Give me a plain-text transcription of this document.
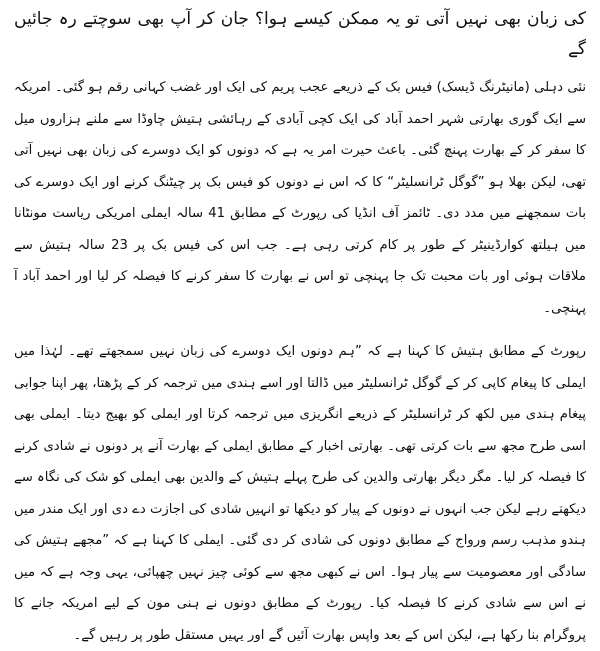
کی زبان بھی نہیں آتی تو یہ ممکن کیسے ہوا؟ جان کر آپ بھی سوچتے رہ جائیں گے

نئی دہلی (مانیٹرنگ ڈیسک) فیس بک کے ذریعے عجب پریم کی ایک اور غضب کہانی رقم ہو گئی۔ امریکہ سے ایک گوری بھارتی شہر احمد آباد کی ایک کچی آبادی کے رہائشی ہتیش چاوڈا سے ملنے ہزاروں میل کا سفر کر کے بھارت پہنچ گئی۔ باعث حیرت امر یہ ہے کہ دونوں کو ایک دوسرے کی زبان بھی نہیں آتی تھی، لیکن بھلا ہو ”گوگل ٹرانسلیٹر“ کا کہ اس نے دونوں کو فیس بک پر چیٹنگ کرنے اور ایک دوسرے کی بات سمجھنے میں مدد دی۔ ٹائمز آف انڈیا کی رپورٹ کے مطابق 41 سالہ ایملی امریکی ریاست مونٹانا میں ہیلتھ کوارڈینیٹر کے طور پر کام کرتی رہی ہے۔ جب اس کی فیس بک پر 23 سالہ ہتیش سے ملاقات ہوئی اور بات محبت تک جا پہنچی تو اس نے بھارت کا سفر کرنے کا فیصلہ کر لیا اور احمد آباد آ پہنچی۔

رپورٹ کے مطابق ہتیش کا کہنا ہے کہ ”ہم دونوں ایک دوسرے کی زبان نہیں سمجھتے تھے۔ لہٰذا میں ایملی کا پیغام کاپی کر کے گوگل ٹرانسلیٹر میں ڈالتا اور اسے ہندی میں ترجمہ کر کے پڑھتا، پھر اپنا جوابی پیغام ہندی میں لکھ کر ٹرانسلیٹر کے ذریعے انگریزی میں ترجمہ کرتا اور ایملی کو بھیج دیتا۔ ایملی بھی اسی طرح مجھ سے بات کرتی تھی۔ بھارتی اخبار کے مطابق ایملی کے بھارت آنے پر دونوں نے شادی کرنے کا فیصلہ کر لیا۔ مگر دیگر بھارتی والدین کی طرح پہلے ہتیش کے والدین بھی ایملی کو شک کی نگاہ سے دیکھتے رہے لیکن جب انہوں نے دونوں کے پیار کو دیکھا تو انہیں شادی کی اجازت دے دی اور ایک مندر میں ہندو مذہب رسم ورواج کے مطابق دونوں کی شادی کر دی گئی۔ ایملی کا کہنا ہے کہ ”مجھے ہتیش کی سادگی اور معصومیت سے پیار ہوا۔ اس نے کبھی مجھ سے کوئی چیز نہیں چھپائی، یہی وجہ ہے کہ میں نے اس سے شادی کرنے کا فیصلہ کیا۔ رپورٹ کے مطابق دونوں نے ہنی مون کے لیے امریکہ جانے کا پروگرام بنا رکھا ہے، لیکن اس کے بعد واپس بھارت آئیں گے اور یہیں مستقل طور پر رہیں گے۔
